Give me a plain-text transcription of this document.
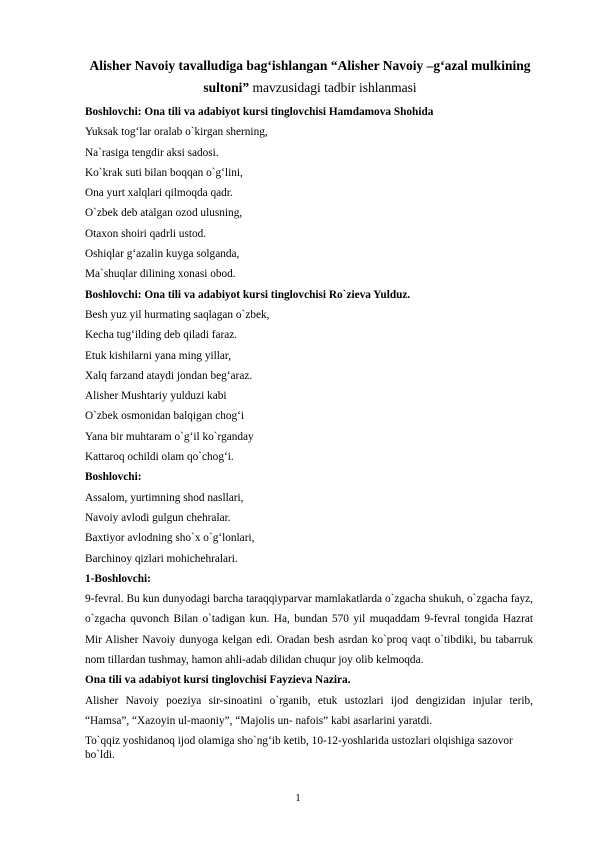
Alisher Navoiy tavalludiga bag‘ishlangan “Alisher Navoiy –g‘azal mulkining sultoni” mavzusidagi tadbir ishlanmasi
Boshlovchi: Ona tili va adabiyot kursi tinglovchisi Hamdamova Shohida
Yuksak tog‘lar oralab o`kirgan sherning,
Na`rasiga tengdir aksi sadosi.
Ko`krak suti bilan boqqan o`g‘lini,
Ona yurt xalqlari qilmoqda qadr.
O`zbek deb atalgan ozod ulusning,
Otaxon shoiri qadrli ustod.
Oshiqlar g‘azalin kuyga solganda,
Ma`shuqlar dilining xonasi obod.
Boshlovchi: Ona tili va adabiyot kursi tinglovchisi Ro`zieva Yulduz.
Besh yuz yil hurmating saqlagan o`zbek,
Kecha tug‘ilding deb qiladi faraz.
Etuk kishilarni yana ming yillar,
Xalq farzand ataydi jondan beg‘araz.
Alisher Mushtariy yulduzi kabi
O`zbek osmonidan balqigan chog‘i
Yana bir muhtaram o`g‘il ko`rganday
Kattaroq ochildi olam qo`chog‘i.
Boshlovchi:
Assalom, yurtimning shod nasllari,
Navoiy avlodi gulgun chehralar.
Baxtiyor avlodning sho`x o`g‘lonlari,
Barchinoy qizlari mohichehralari.
1-Boshlovchi:
9-fevral. Bu kun dunyodagi barcha taraqqiyparvar mamlakatlarda o`zgacha shukuh, o`zgacha fayz, o`zgacha quvonch Bilan o`tadigan kun. Ha, bundan 570 yil muqaddam 9-fevral tongida Hazrat Mir Alisher Navoiy dunyoga kelgan edi. Oradan besh asrdan ko`proq vaqt o`tibdiki, bu tabarruk nom tillardan tushmay, hamon ahli-adab dilidan chuqur joy olib kelmoqda.
Ona tili va adabiyot kursi tinglovchisi Fayzieva Nazira.
Alisher Navoiy poeziya sir-sinoatini o`rganib, etuk ustozlari ijod dengizidan injular terib, “Hamsa”, “Xazoyin ul-maoniy”, “Majolis un- nafois” kabi asarlarini yaratdi.
To`qqiz yoshidanoq ijod olamiga sho`ng‘ib ketib, 10-12-yoshlarida ustozlari olqishiga sazovor bo`ldi.
1
